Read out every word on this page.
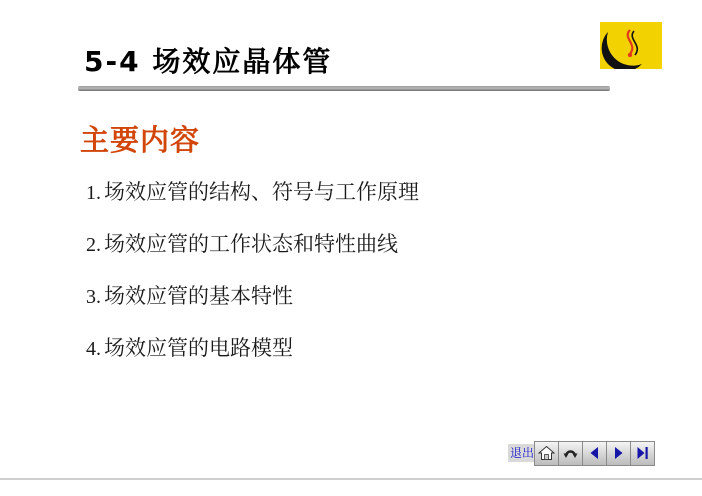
5-4 场效应晶体管
主要内容
1. 场效应管的结构、符号与工作原理
2. 场效应管的工作状态和特性曲线
3. 场效应管的基本特性
4. 场效应管的电路模型
退出
